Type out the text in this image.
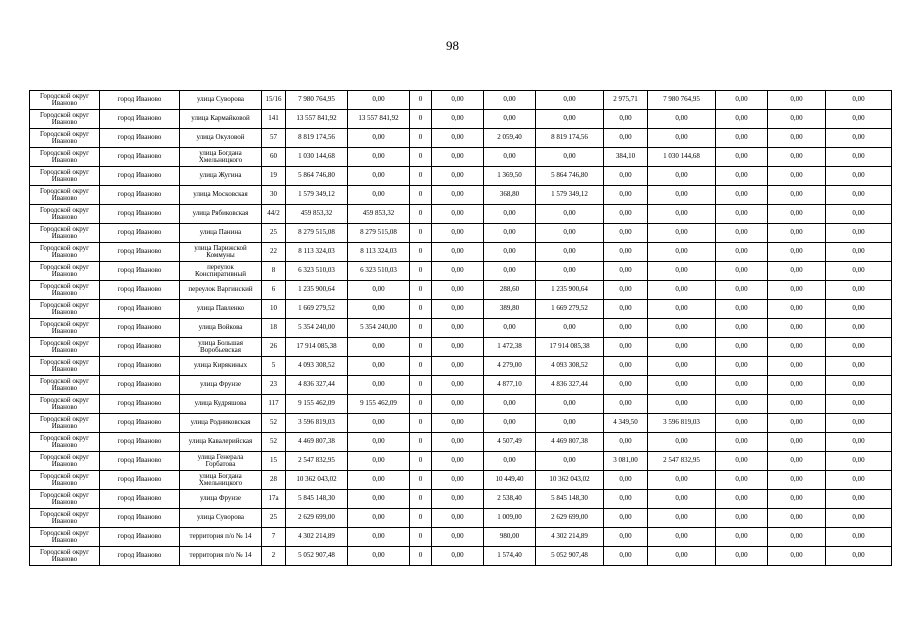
98
Городской округ Иваново	город Иваново	улица Суворова	15/16	7 980 764,95	0,00	0	0,00	0,00	0,00	2 975,71	7 980 764,95	0,00	0,00	0,00
Городской округ Иваново	город Иваново	улица Кармайковой	141	13 557 841,92	13 557 841,92	0	0,00	0,00	0,00	0,00	0,00	0,00	0,00	0,00
Городской округ Иваново	город Иваново	улица Окуловой	57	8 819 174,56	0,00	0	0,00	2 059,40	8 819 174,56	0,00	0,00	0,00	0,00	0,00
Городской округ Иваново	город Иваново	улица Богдана Хмельницкого	60	1 030 144,68	0,00	0	0,00	0,00	0,00	384,10	1 030 144,68	0,00	0,00	0,00
Городской округ Иваново	город Иваново	улица Жугина	19	5 864 746,80	0,00	0	0,00	1 369,50	5 864 746,80	0,00	0,00	0,00	0,00	0,00
Городской округ Иваново	город Иваново	улица Московская	30	1 579 349,12	0,00	0	0,00	368,80	1 579 349,12	0,00	0,00	0,00	0,00	0,00
Городской округ Иваново	город Иваново	улица Рябиковская	44/2	459 853,32	459 853,32	0	0,00	0,00	0,00	0,00	0,00	0,00	0,00	0,00
Городской округ Иваново	город Иваново	улица Панина	25	8 279 515,08	8 279 515,08	0	0,00	0,00	0,00	0,00	0,00	0,00	0,00	0,00
Городской округ Иваново	город Иваново	улица Парижской Коммуны	22	8 113 324,03	8 113 324,03	0	0,00	0,00	0,00	0,00	0,00	0,00	0,00	0,00
Городской округ Иваново	город Иваново	переулок Конспиративный	8	6 323 510,03	6 323 510,03	0	0,00	0,00	0,00	0,00	0,00	0,00	0,00	0,00
Городской округ Иваново	город Иваново	переулок Варгинский	6	1 235 900,64	0,00	0	0,00	288,60	1 235 900,64	0,00	0,00	0,00	0,00	0,00
Городской округ Иваново	город Иваново	улица Павленко	10	1 669 279,52	0,00	0	0,00	389,80	1 669 279,52	0,00	0,00	0,00	0,00	0,00
Городской округ Иваново	город Иваново	улица Войкова	18	5 354 240,00	5 354 240,00	0	0,00	0,00	0,00	0,00	0,00	0,00	0,00	0,00
Городской округ Иваново	город Иваново	улица Большая Воробьевская	26	17 914 085,38	0,00	0	0,00	1 472,38	17 914 085,38	0,00	0,00	0,00	0,00	0,00
Городской округ Иваново	город Иваново	улица Кирякиных	5	4 093 308,52	0,00	0	0,00	4 279,00	4 093 308,52	0,00	0,00	0,00	0,00	0,00
Городской округ Иваново	город Иваново	улица Фрунзе	23	4 836 327,44	0,00	0	0,00	4 877,10	4 836 327,44	0,00	0,00	0,00	0,00	0,00
Городской округ Иваново	город Иваново	улица Кудряшова	117	9 155 462,09	9 155 462,09	0	0,00	0,00	0,00	0,00	0,00	0,00	0,00	0,00
Городской округ Иваново	город Иваново	улица Родниковская	52	3 596 819,03	0,00	0	0,00	0,00	0,00	4 349,50	3 596 819,03	0,00	0,00	0,00
Городской округ Иваново	город Иваново	улица Кавалерийская	52	4 469 807,38	0,00	0	0,00	4 507,49	4 469 807,38	0,00	0,00	0,00	0,00	0,00
Городской округ Иваново	город Иваново	улица Генерала Горбатова	15	2 547 832,95	0,00	0	0,00	0,00	0,00	3 081,00	2 547 832,95	0,00	0,00	0,00
Городской округ Иваново	город Иваново	улица Богдана Хмельницкого	28	10 362 043,02	0,00	0	0,00	10 449,40	10 362 043,02	0,00	0,00	0,00	0,00	0,00
Городской округ Иваново	город Иваново	улица Фрунзе	17а	5 845 148,30	0,00	0	0,00	2 538,40	5 845 148,30	0,00	0,00	0,00	0,00	0,00
Городской округ Иваново	город Иваново	улица Суворова	25	2 629 699,00	0,00	0	0,00	1 009,00	2 629 699,00	0,00	0,00	0,00	0,00	0,00
Городской округ Иваново	город Иваново	территория п/о № 14	7	4 302 214,89	0,00	0	0,00	980,00	4 302 214,89	0,00	0,00	0,00	0,00	0,00
Городской округ Иваново	город Иваново	территория п/о № 14	2	5 052 907,48	0,00	0	0,00	1 574,40	5 052 907,48	0,00	0,00	0,00	0,00	0,00
